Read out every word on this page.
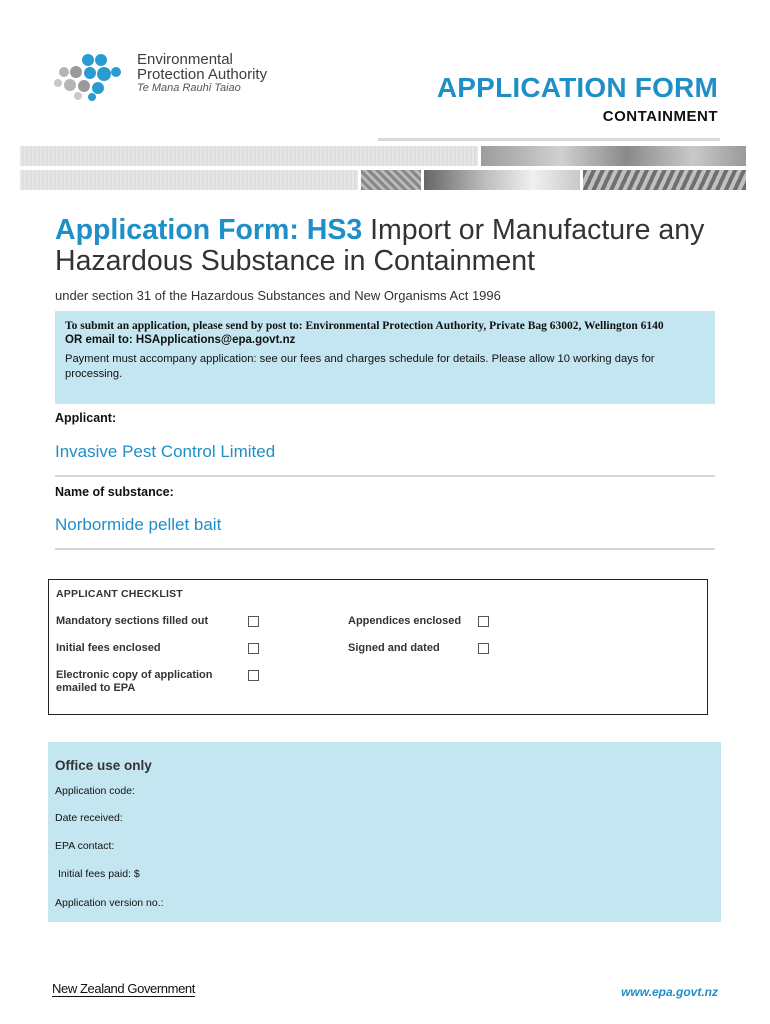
Environmental
Protection Authority
Te Mana Rauhī Taiao	APPLICATION FORM
CONTAINMENT
Application Form: HS3 Import or Manufacture any Hazardous Substance in Containment
under section 31 of the Hazardous Substances and New Organisms Act 1996
To submit an application, please send by post to: Environmental Protection Authority, Private Bag 63002, Wellington 6140
OR email to: HSApplications@epa.govt.nz
Payment must accompany application: see our fees and charges schedule for details. Please allow 10 working days for processing.
Applicant:
Invasive Pest Control Limited
Name of substance:
Norbormide pellet bait
APPLICANT CHECKLIST
Mandatory sections filled out
Initial fees enclosed
Electronic copy of application emailed to EPA
Appendices enclosed
Signed and dated
Office use only
Application code:
Date received:
EPA contact:
Initial fees paid: $
Application version no.:
New Zealand Government	www.epa.govt.nz
